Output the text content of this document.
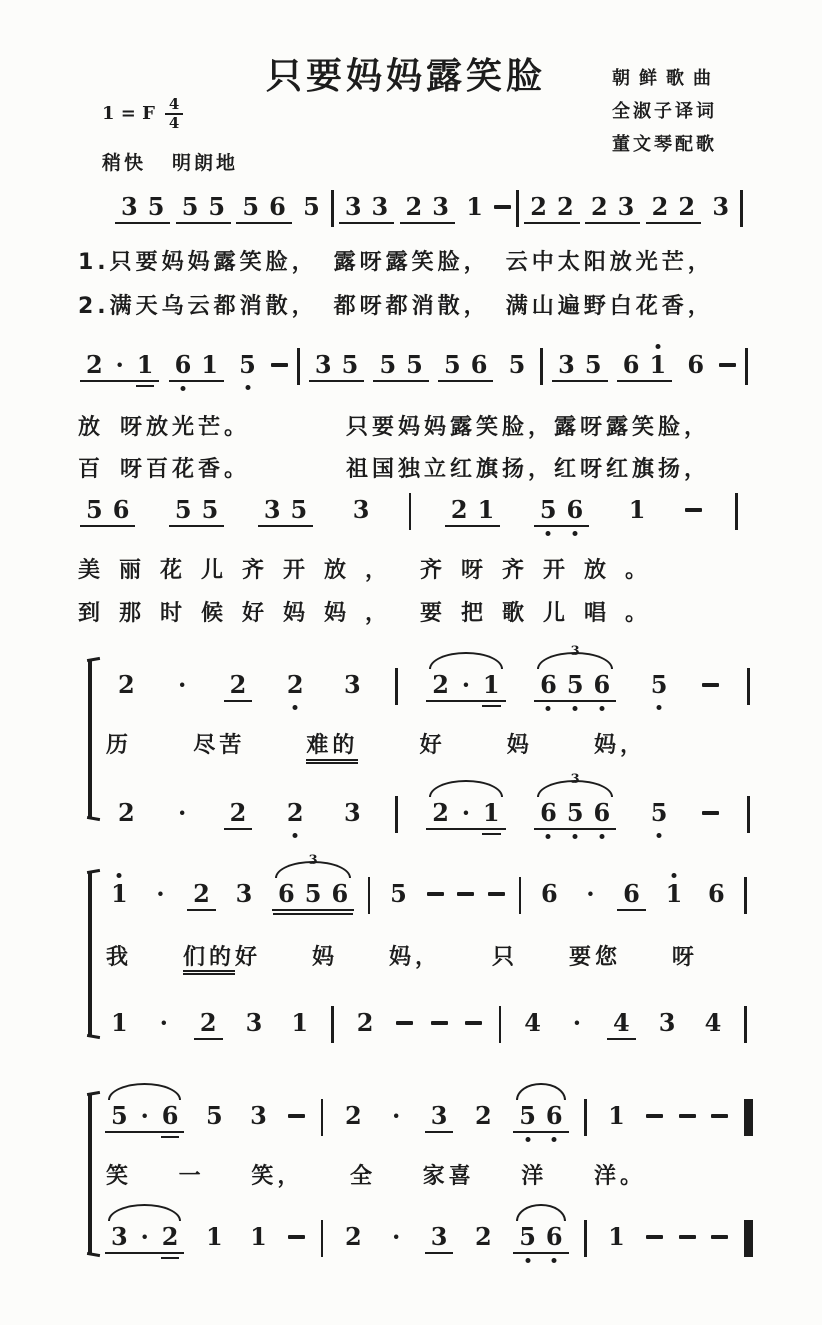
只要妈妈露笑脸	朝鲜歌曲
全淑子译词
董文琴配歌
1 = F $\frac{4}{4}$
稍快 明朗地
3 5 5 5 5 6 5 3 3 2 3 1 2 2 2 3 2 2 3
1.只要妈妈露笑脸， 露呀露笑脸， 云中太阳放光芒，
2.满天乌云都消散， 都呀都消散， 满山遍野白花香，
2 · 1 6 1 5 3 5 5 5 5 6 5 3 5 6 1 6
放 呀放光芒。	只要妈妈露笑脸，露呀露笑脸，
百 呀百花香。	祖国独立红旗扬，红呀红旗扬，
5 6 5 5 3 5 3	2 1 5 6 1
美丽花儿齐开放， 齐呀齐开放。
到那时候好妈妈， 要把歌儿唱。
2 · 2 2 3	2 · 1
3
6 5 6 5
历	尽苦	难的	好	妈	妈，
2 · 2 2 3	2 · 1
3
6 5 6 5
1 · 2 3
3
6 5 6 5	6 · 6 1 6
我 们的好 妈 妈， 只 要您 呀
1 · 2 3 1 2	4 · 4 3 4
5 · 6 5 3	2 · 3 2 5 6 1
笑 一 笑， 全 家喜 洋 洋。
3 · 2 1 1	2 · 3 2 5 6 1
